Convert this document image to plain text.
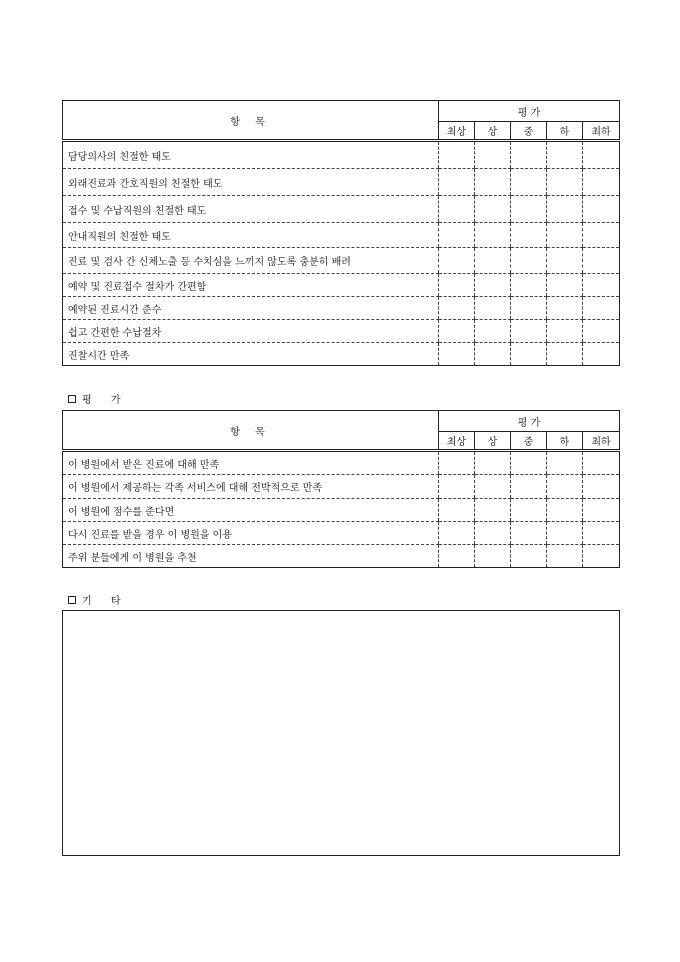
항 목	평 가				
	최상	상	중	하	최하
담당의사의 친절한 태도					
외래진료과 간호직원의 친절한 태도					
접수 및 수납직원의 친절한 태도					
안내직원의 친절한 태도					
진료 및 검사 간 신체노출 등 수치심을 느끼지 않도록 충분히 배려					
예약 및 진료접수 절차가 간편함					
예약된 진료시간 준수					
쉽고 간편한 수납절차					
진찰시간 만족					
평 가
항 목	평 가				
	최상	상	중	하	최하
이 병원에서 받은 진료에 대해 만족					
이 병원에서 제공하는 각족 서비스에 대해 전박적으로 만족					
이 병원에 점수를 준다면					
다시 진료를 받을 경우 이 병원을 이용					
주위 분들에게 이 병원을 추천					
기 타
